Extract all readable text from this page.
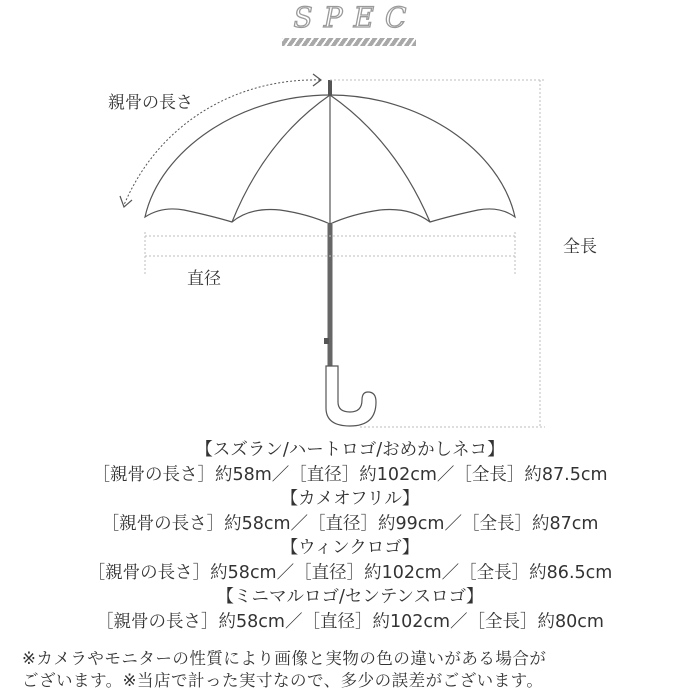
SPEC
親骨の長さ
直径
全長
【スズラン/ハートロゴ/おめかしネコ】
［親骨の長さ］約58m／［直径］約102cm／［全長］約87.5cm
【カメオフリル】
［親骨の長さ］約58cm／［直径］約99cm／［全長］約87cm
【ウィンクロゴ】
［親骨の長さ］約58cm／［直径］約102cm／［全長］約86.5cm
【ミニマルロゴ/センテンスロゴ】
［親骨の長さ］約58cm／［直径］約102cm／［全長］約80cm
※カメラやモニターの性質により画像と実物の色の違いがある場合が
ございます。※当店で計った実寸なので、多少の誤差がございます。
